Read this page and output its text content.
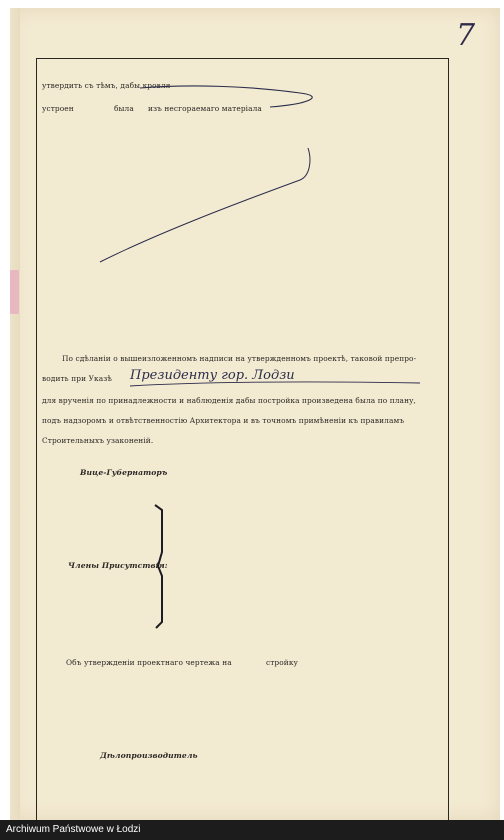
7
утвердить съ тѣмъ, дабы кровля
устроен	была изъ несгораемаго матеріала
По сдѣланіи о вышеизложенномъ надписи на утвержденномъ проектѣ, таковой препро-
водить при Указѣ Президенту гор. Лодзи
для врученія по принадлежности и наблюденія дабы постройка произведена была по плану,
подъ надзоромъ и отвѣтственностію Архитектора и въ точномъ примѣненіи къ правиламъ
Строительныхъ узаконеній.
Вице-Губернаторъ
Члены Присутствія:
Объ утвержденіи проектнаго чертежа на	стройку
Дѣлопроизводитель
Archiwum Państwowe w Łodzi
